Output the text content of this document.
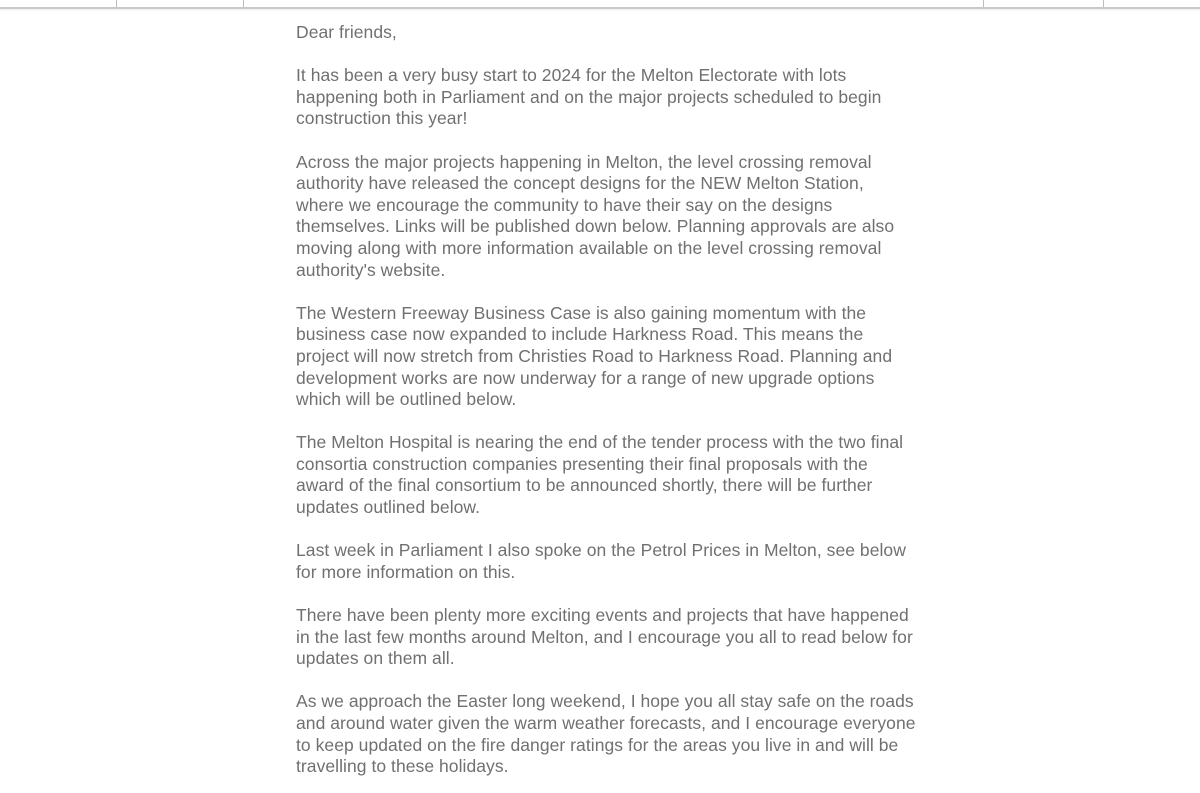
Dear friends,

It has been a very busy start to 2024 for the Melton Electorate with lots happening both in Parliament and on the major projects scheduled to begin construction this year!

Across the major projects happening in Melton, the level crossing removal authority have released the concept designs for the NEW Melton Station, where we encourage the community to have their say on the designs themselves. Links will be published down below. Planning approvals are also moving along with more information available on the level crossing removal authority's website.

The Western Freeway Business Case is also gaining momentum with the business case now expanded to include Harkness Road. This means the project will now stretch from Christies Road to Harkness Road. Planning and development works are now underway for a range of new upgrade options which will be outlined below.

The Melton Hospital is nearing the end of the tender process with the two final consortia construction companies presenting their final proposals with the award of the final consortium to be announced shortly, there will be further updates outlined below.

Last week in Parliament I also spoke on the Petrol Prices in Melton, see below for more information on this.

There have been plenty more exciting events and projects that have happened in the last few months around Melton, and I encourage you all to read below for updates on them all.

As we approach the Easter long weekend, I hope you all stay safe on the roads and around water given the warm weather forecasts, and I encourage everyone to keep updated on the fire danger ratings for the areas you live in and will be travelling to these holidays.
